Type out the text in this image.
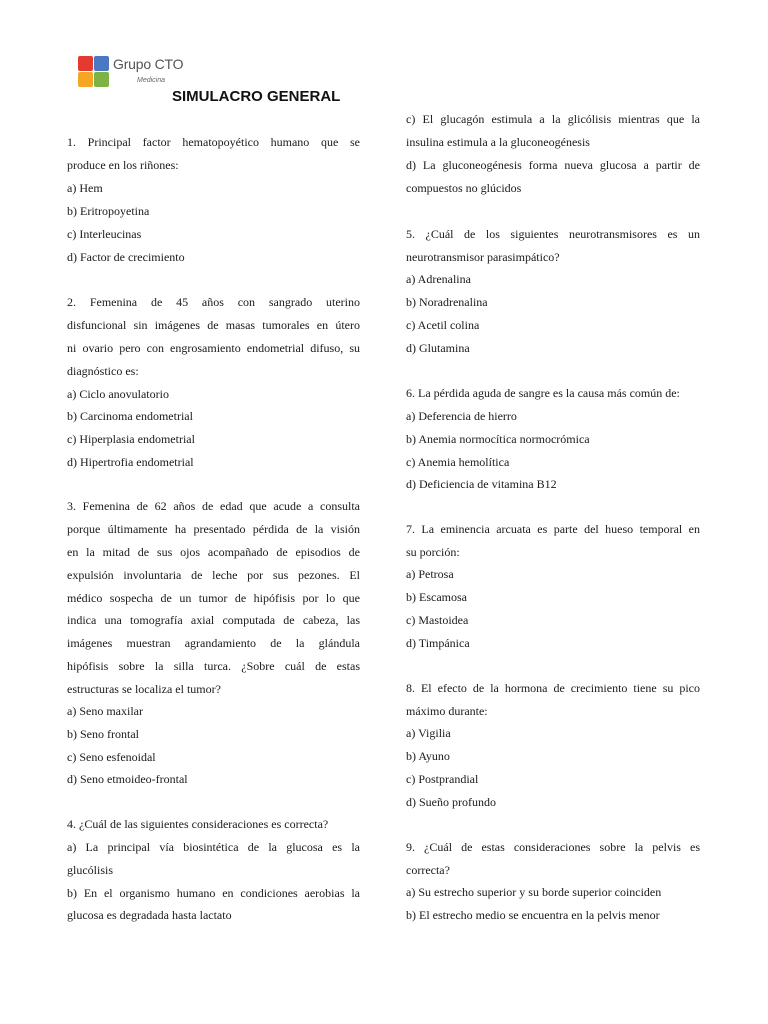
Grupo CTO
Medicina
SIMULACRO GENERAL
1. Principal factor hematopoyético humano que se
produce en los riñones:
a) Hem
b) Eritropoyetina
c) Interleucinas
d) Factor de crecimiento
2. Femenina de 45 años con sangrado uterino
disfuncional sin imágenes de masas tumorales en útero
ni ovario pero con engrosamiento endometrial difuso, su
diagnóstico es:
a) Ciclo anovulatorio
b) Carcinoma endometrial
c) Hiperplasia endometrial
d) Hipertrofia endometrial
3. Femenina de 62 años de edad que acude a consulta
porque últimamente ha presentado pérdida de la visión
en la mitad de sus ojos acompañado de episodios de
expulsión involuntaria de leche por sus pezones. El
médico sospecha de un tumor de hipófisis por lo que
indica una tomografía axial computada de cabeza, las
imágenes muestran agrandamiento de la glándula
hipófisis sobre la silla turca. ¿Sobre cuál de estas
estructuras se localiza el tumor?
a) Seno maxilar
b) Seno frontal
c) Seno esfenoidal
d) Seno etmoideo-frontal
4. ¿Cuál de las siguientes consideraciones es correcta?
a) La principal vía biosintética de la glucosa es la
glucólisis
b) En el organismo humano en condiciones aerobias la
glucosa es degradada hasta lactato
c) El glucagón estimula a la glicólisis mientras que la
insulina estimula a la gluconeogénesis
d) La gluconeogénesis forma nueva glucosa a partir de
compuestos no glúcidos
5. ¿Cuál de los siguientes neurotransmisores es un
neurotransmisor parasimpático?
a) Adrenalina
b) Noradrenalina
c) Acetil colina
d) Glutamina
6. La pérdida aguda de sangre es la causa más común de:
a) Deferencia de hierro
b) Anemia normocítica normocrómica
c) Anemia hemolítica
d) Deficiencia de vitamina B12
7. La eminencia arcuata es parte del hueso temporal en
su porción:
a) Petrosa
b) Escamosa
c) Mastoidea
d) Timpánica
8. El efecto de la hormona de crecimiento tiene su pico
máximo durante:
a) Vigilia
b) Ayuno
c) Postprandial
d) Sueño profundo
9. ¿Cuál de estas consideraciones sobre la pelvis es
correcta?
a) Su estrecho superior y su borde superior coinciden
b) El estrecho medio se encuentra en la pelvis menor
